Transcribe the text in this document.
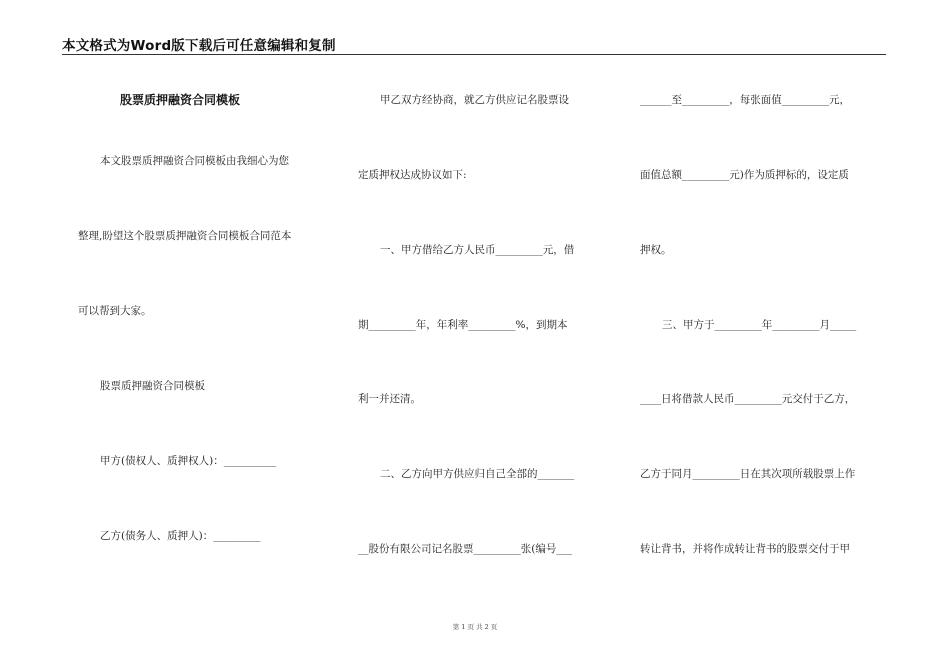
本文格式为Word版下载后可任意编辑和复制
股票质押融资合同模板
本文股票质押融资合同模板由我细心为您
整理,盼望这个股票质押融资合同模板合同范本
可以帮到大家。
股票质押融资合同模板
甲方(债权人、质押权人)：__________
乙方(债务人、质押人)：_________
甲乙双方经协商，就乙方供应记名股票设
定质押权达成协议如下:
一、甲方借给乙方人民币_________元，借
期_________年，年利率_________%，到期本
利一并还清。
二、乙方向甲方供应归自己全部的_______
__股份有限公司记名股票_________张(编号___
______至_________，每张面值_________元，
面值总额_________元)作为质押标的，设定质
押权。
三、甲方于_________年_________月_____
____日将借款人民币_________元交付于乙方，
乙方于同月_________日在其次项所载股票上作
转让背书，并将作成转让背书的股票交付于甲
第 1 页 共 2 页
